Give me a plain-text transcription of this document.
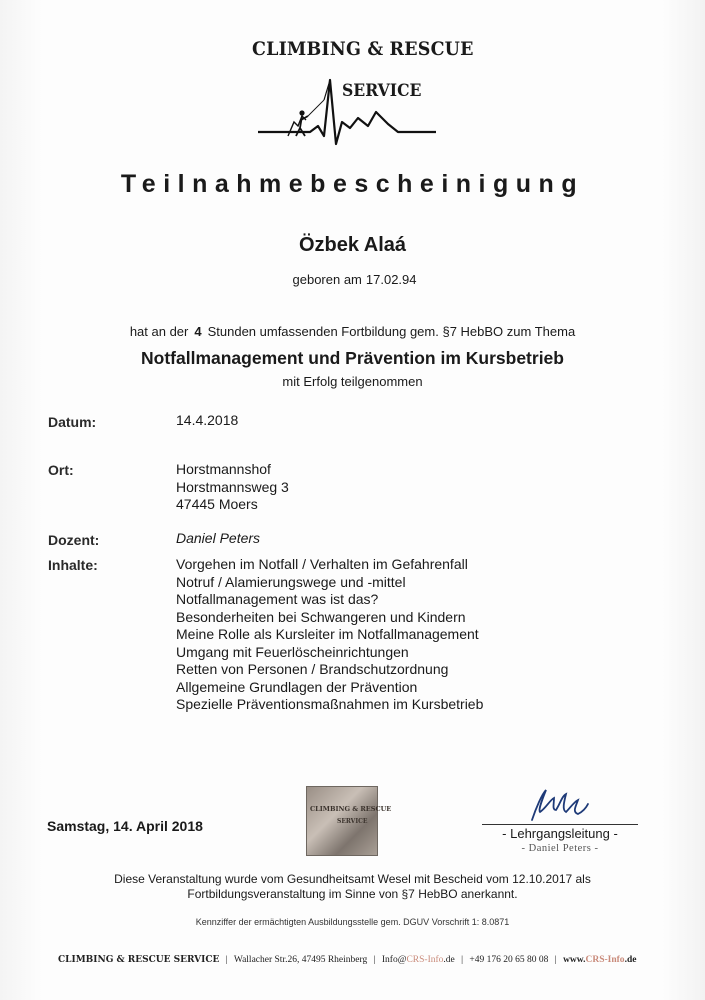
CLIMBING & RESCUE
SERVICE
Teilnahmebescheinigung
Özbek Alaá
geboren am 17.02.94
hat an der 4 Stunden umfassenden Fortbildung gem. §7 HebBO zum Thema
Notfallmanagement und Prävention im Kursbetrieb
mit Erfolg teilgenommen
Datum:	14.4.2018
Ort:	Horstmannshof
Horstmannsweg 3
47445 Moers
Dozent:	Daniel Peters
Inhalte:	Vorgehen im Notfall / Verhalten im Gefahrenfall
Notruf / Alamierungswege und -mittel
Notfallmanagement was ist das?
Besonderheiten bei Schwangeren und Kindern
Meine Rolle als Kursleiter im Notfallmanagement
Umgang mit Feuerlöscheinrichtungen
Retten von Personen / Brandschutzordnung
Allgemeine Grundlagen der Prävention
Spezielle Präventionsmaßnahmen im Kursbetrieb
Samstag, 14. April 2018
CLIMBING & RESCUE
SERVICE
- Lehrgangsleitung -
- Daniel Peters -
Diese Veranstaltung wurde vom Gesundheitsamt Wesel mit Bescheid vom 12.10.2017 als
Fortbildungsveranstaltung im Sinne von §7 HebBO anerkannt.
Kennziffer der ermächtigten Ausbildungsstelle gem. DGUV Vorschrift 1: 8.0871
CLIMBING & RESCUE SERVICE | Wallacher Str.26, 47495 Rheinberg | Info@CRS-Info.de | +49 176 20 65 80 08 | www.CRS-Info.de
